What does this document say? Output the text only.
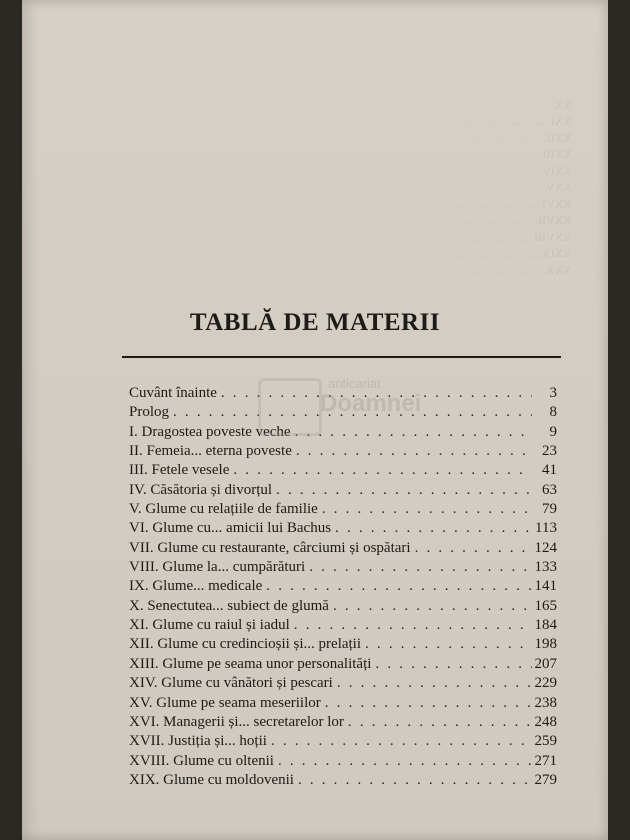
XX.  . . . . . . . . . . . . . . .
XXI. . . . . . . . . . . . . . . .
XXII. . . . . . . . . . . . . . .
XXIII. . . . . . . . . . . . . . .
XXIV. . . . . . . . . . . . . . .
XXV. . . . . . . . . . . . . . . .
XXVI. . . . . . . . . . . . . . .
XXVII. . . . . . . . . . . . . . .
XXVIII. . . . . . . . . . . . . .
XXIX. . . . . . . . . . . . . . .
XXX. . . . . . . . . . . . . . . .

TABLĂ DE MATERII
Cuvânt înainte . . .	3
Prolog . . .	8
I. Dragostea poveste veche . . .	9
II. Femeia... eterna poveste . . .	23
III. Fetele vesele . . .	41
IV. Căsătoria și divorțul . . .	63
V. Glume cu relațiile de familie . . .	79
VI. Glume cu... amicii lui Bachus . . .	113
VII. Glume cu restaurante, cârciumi și ospătari . . .	124
VIII. Glume la... cumpărături . . .	133
IX. Glume... medicale . . .	141
X. Senectutea... subiect de glumă . . .	165
XI. Glume cu raiul și iadul . . .	184
XII. Glume cu credincioșii și... prelații . . .	198
XIII. Glume pe seama unor personalități . . .	207
XIV. Glume cu vânători și pescari . . .	229
XV. Glume pe seama meseriilor . . .	238
XVI. Managerii și... secretarelor lor . . .	248
XVII. Justiția și... hoții . . .	259
XVIII. Glume cu oltenii . . .	271
XIX. Glume cu moldovenii . . .	279
anticariat
Doamnei
